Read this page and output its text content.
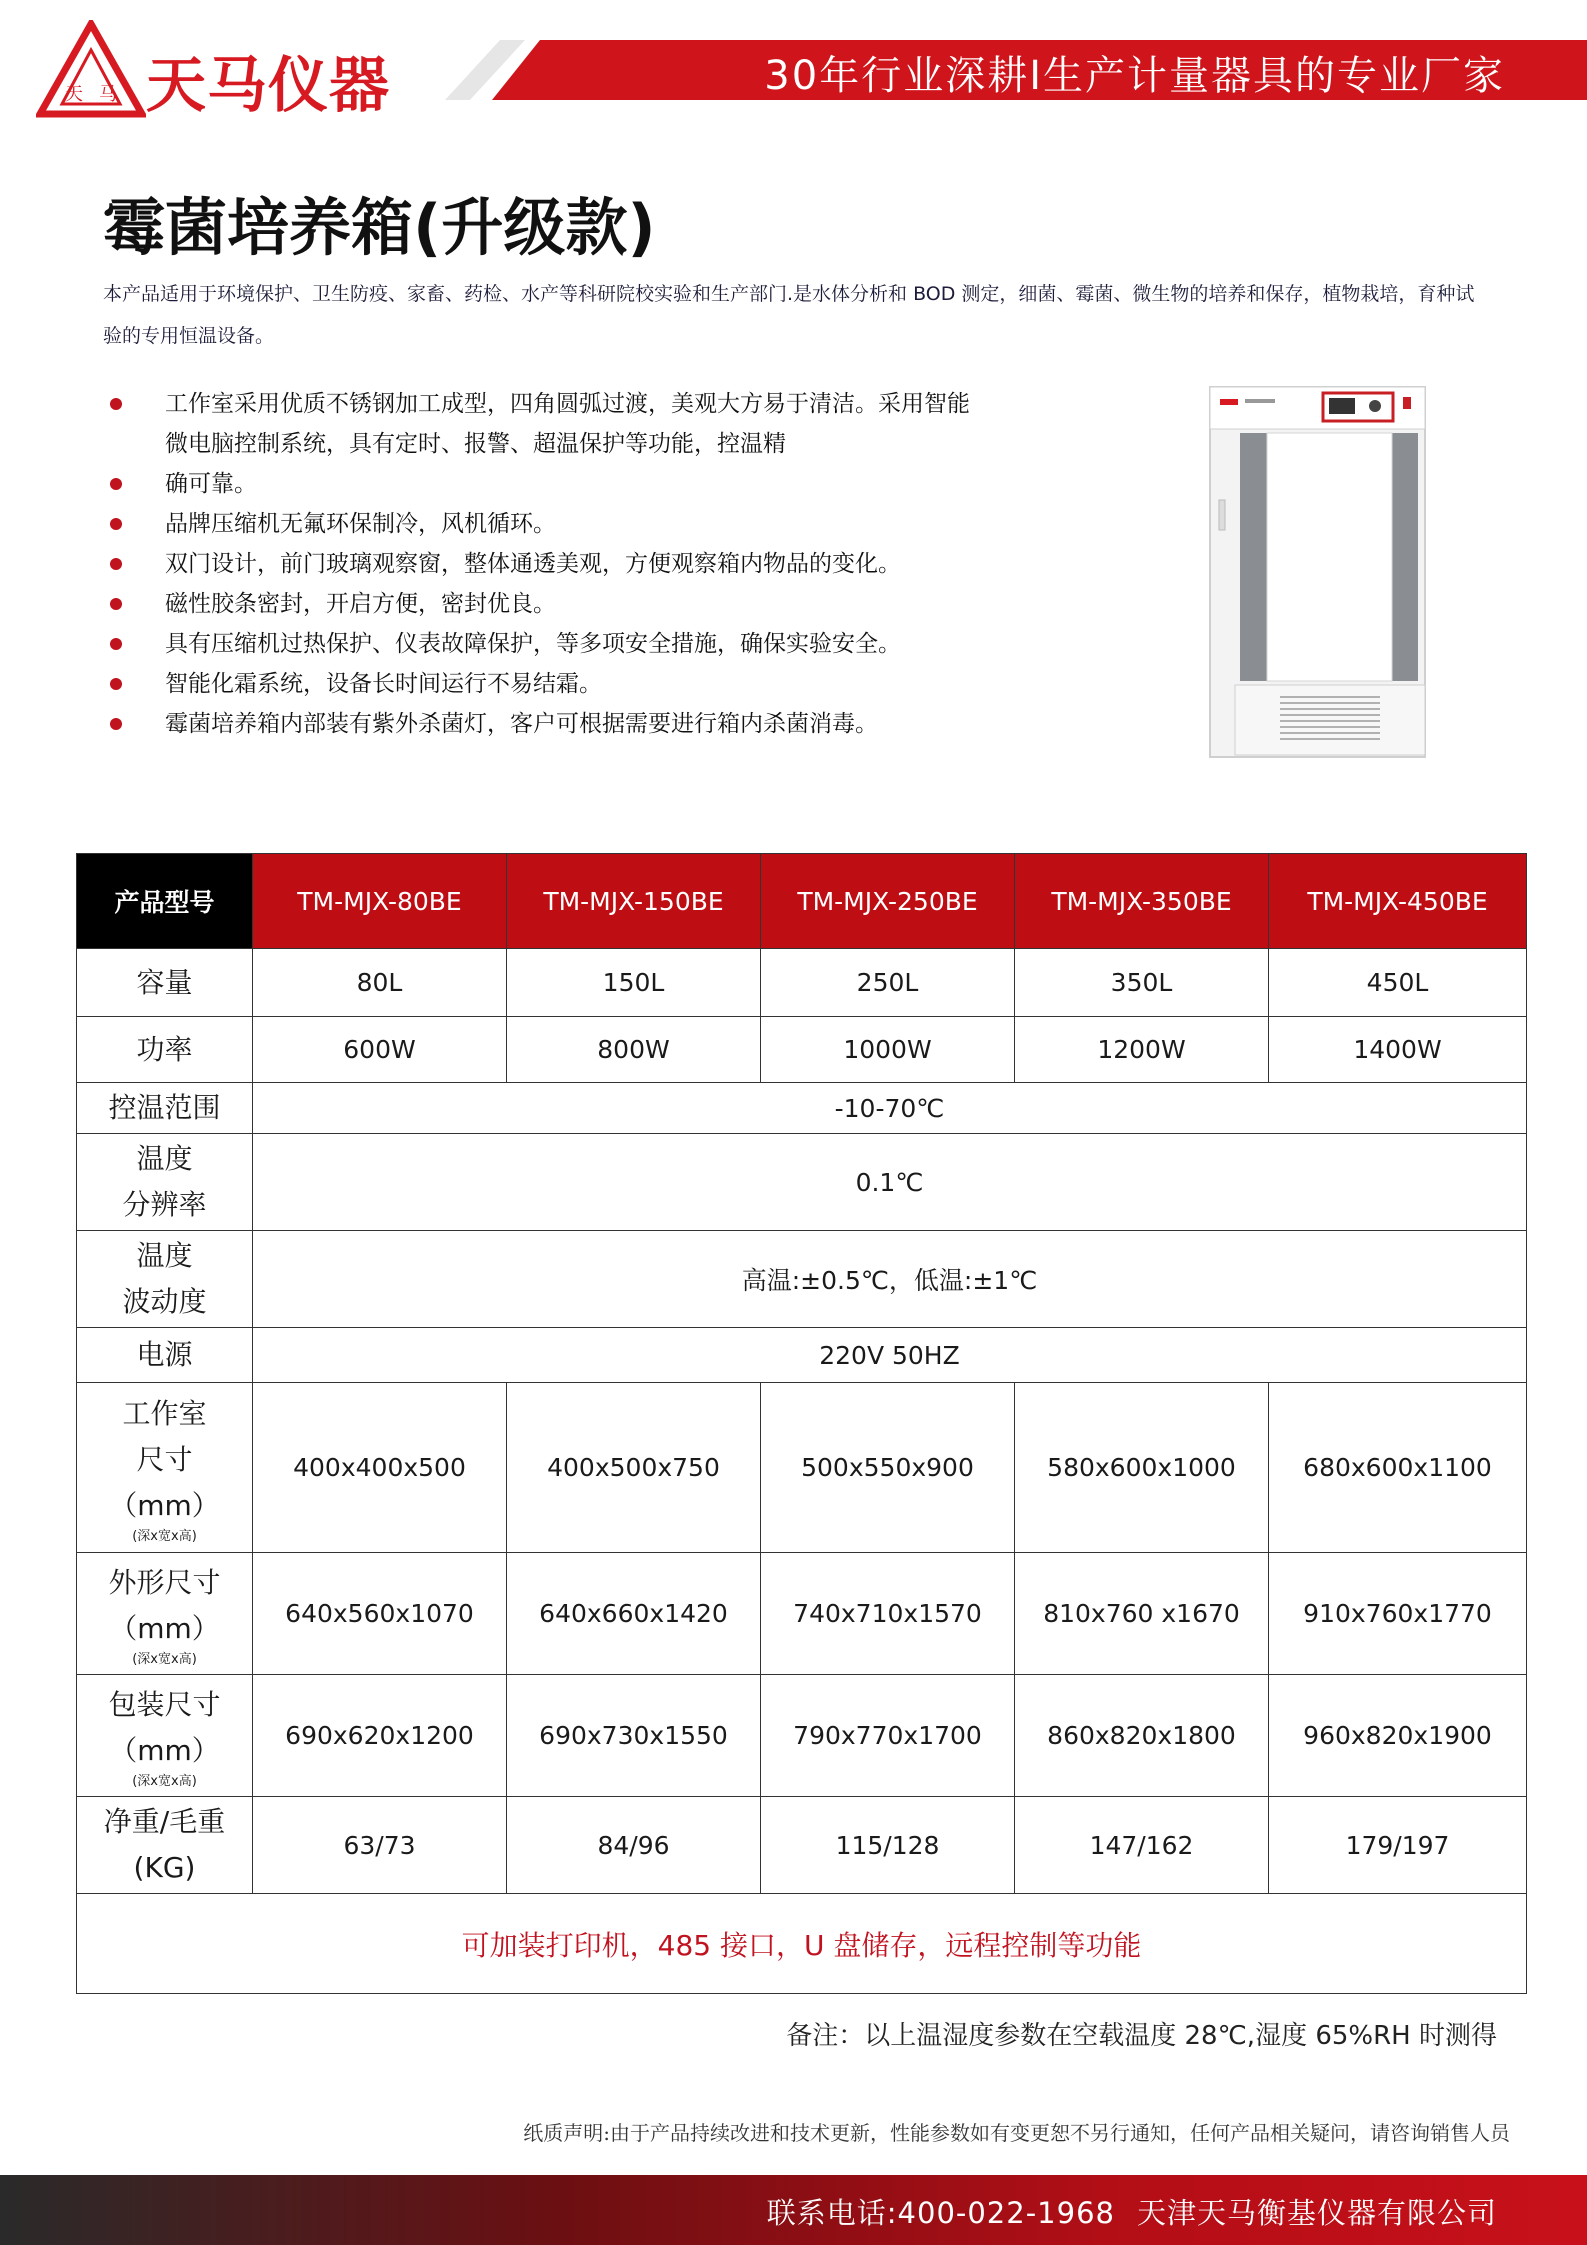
天 马 天马仪器	30年行业深耕I生产计量器具的专业厂家
霉菌培养箱(升级款)
本产品适用于环境保护、卫生防疫、家畜、药检、水产等科研院校实验和生产部门.是水体分析和 BOD 测定，细菌、霉菌、微生物的培养和保存，植物栽培，育种试验的专用恒温设备。
工作室采用优质不锈钢加工成型，四角圆弧过渡，美观大方易于清洁。采用智能微电脑控制系统，具有定时、报警、超温保护等功能，控温精
确可靠。
品牌压缩机无氟环保制冷，风机循环。
双门设计，前门玻璃观察窗，整体通透美观，方便观察箱内物品的变化。
磁性胶条密封，开启方便，密封优良。
具有压缩机过热保护、仪表故障保护，等多项安全措施，确保实验安全。
智能化霜系统，设备长时间运行不易结霜。
霉菌培养箱内部装有紫外杀菌灯，客户可根据需要进行箱内杀菌消毒。
产品型号	TM-MJX-80BE	TM-MJX-150BE	TM-MJX-250BE	TM-MJX-350BE	TM-MJX-450BE
容量	80L	150L	250L	350L	450L
功率	600W	800W	1000W	1200W	1400W
控温范围	-10-70℃				
温度
分辨率	0.1℃				
温度
波动度	高温:±0.5℃，低温:±1℃				
电源	220V 50HZ				
工作室
尺寸
（mm）
(深x宽x高)	400x400x500	400x500x750	500x550x900	580x600x1000	680x600x1100
外形尺寸
（mm）
(深x宽x高)	640x560x1070	640x660x1420	740x710x1570	810x760 x1670	910x760x1770
包装尺寸
（mm）
(深x宽x高)	690x620x1200	690x730x1550	790x770x1700	860x820x1800	960x820x1900
净重/毛重
(KG)	63/73	84/96	115/128	147/162	179/197
可加装打印机，485 接口，U 盘储存，远程控制等功能					
备注：以上温湿度参数在空载温度 28℃,湿度 65%RH 时测得
纸质声明:由于产品持续改进和技术更新，性能参数如有变更恕不另行通知，任何产品相关疑问，请咨询销售人员
联系电话:400-022-1968 天津天马衡基仪器有限公司
